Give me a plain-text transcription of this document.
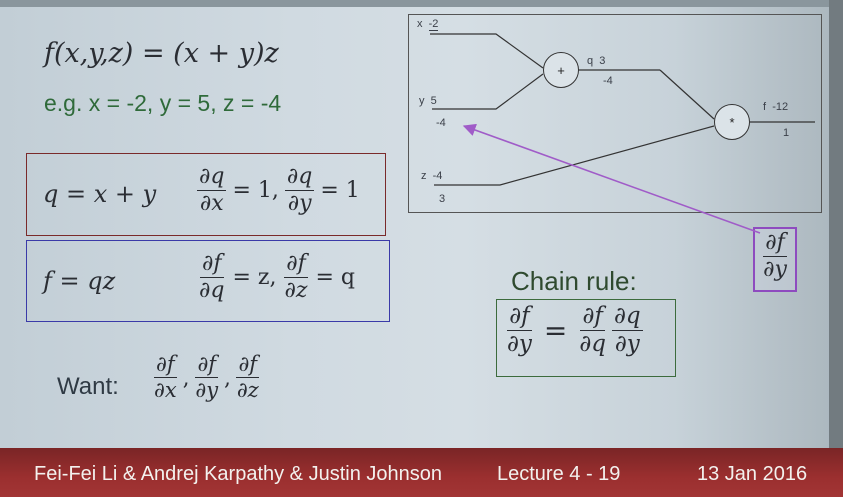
f(x,y,z) = (x + y)z
e.g. x = -2, y = 5, z = -4
q = x + y $\frac{\partial q}{\partial x} = 1$, $\frac{\partial q}{\partial y} = 1$
f = qz	$\frac{\partial f}{\partial q} = z$, $\frac{\partial f}{\partial z} = q$
Want: $\frac{\partial f}{\partial x}$ , $\frac{\partial f}{\partial y}$ , $\frac{\partial f}{\partial z}$
Chain rule:
$\frac{\partial f}{\partial y} = \frac{\partial f}{\partial q} \frac{\partial q}{\partial y}$
$\frac{\partial f}{\partial y}$
+
*
x -2
y 5
-4
z -4
3
q 3
-4
f -12
1
Fei-Fei Li & Andrej Karpathy & Justin Johnson	Lecture 4 - 19	13 Jan 2016
